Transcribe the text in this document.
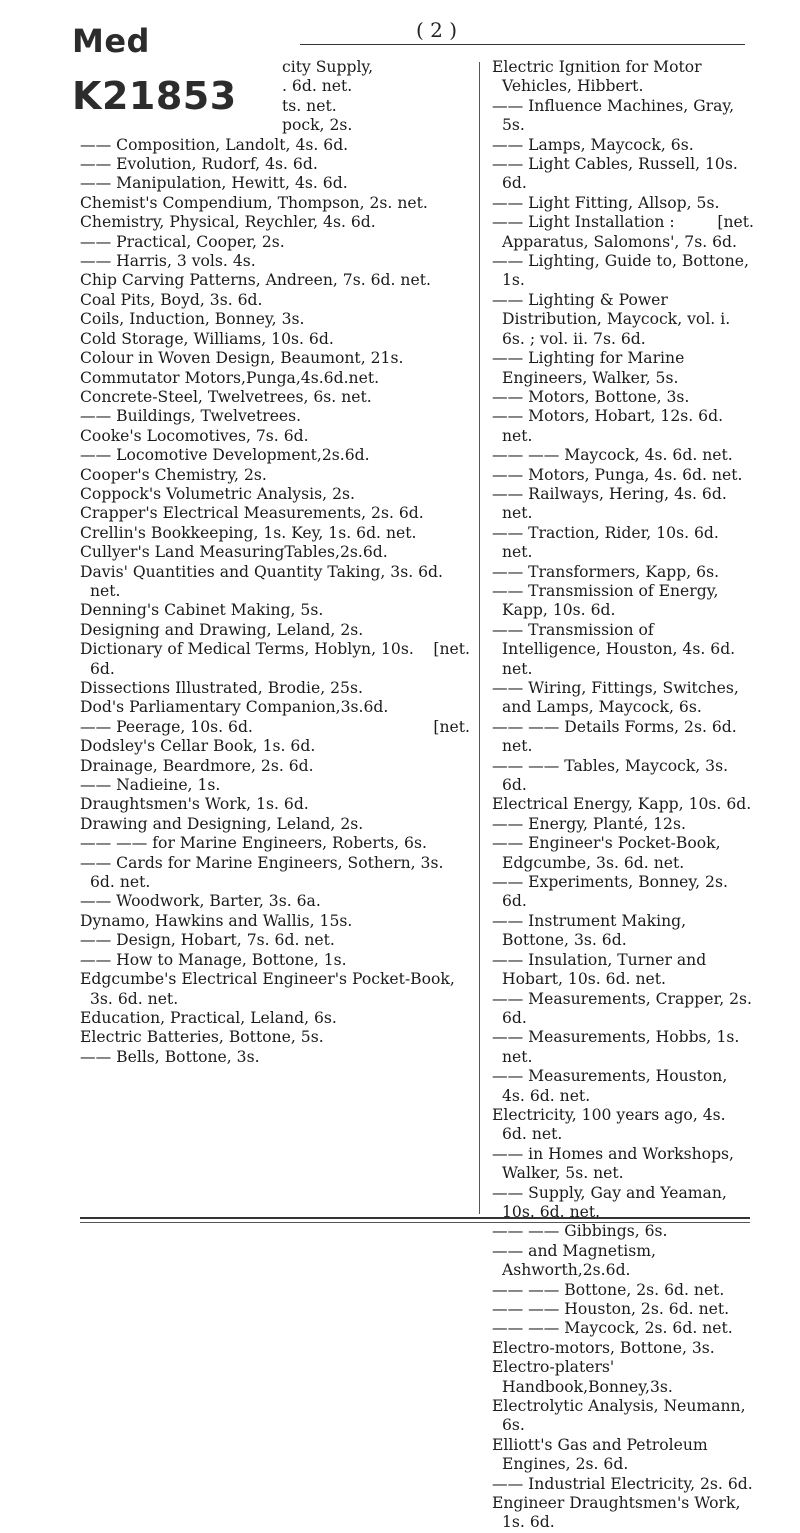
Med
K21853
( 2 )

city Supply,

. 6d. net.

ts. net.

pock, 2s.

—— Composition, Landolt, 4s. 6d.

—— Evolution, Rudorf, 4s. 6d.

—— Manipulation, Hewitt, 4s. 6d.

Chemist's Compendium, Thompson, 2s. net.

Chemistry, Physical, Reychler, 4s. 6d.

—— Practical, Cooper, 2s.

—— Harris, 3 vols. 4s.

Chip Carving Patterns, Andreen, 7s. 6d. net.

Coal Pits, Boyd, 3s. 6d.

Coils, Induction, Bonney, 3s.

Cold Storage, Williams, 10s. 6d.

Colour in Woven Design, Beaumont, 21s.

Commutator Motors,Punga,4s.6d.net.

Concrete-Steel, Twelvetrees, 6s. net.

—— Buildings, Twelvetrees.

Cooke's Locomotives, 7s. 6d.

—— Locomotive Development,2s.6d.

Cooper's Chemistry, 2s.

Coppock's Volumetric Analysis, 2s.

Crapper's Electrical Measurements, 2s. 6d.

Crellin's Bookkeeping, 1s. Key, 1s. 6d. net.

Cullyer's Land MeasuringTables,2s.6d.

Davis' Quantities and Quantity Taking, 3s. 6d. net.

Denning's Cabinet Making, 5s.

Designing and Drawing, Leland, 2s.

[net.
Dictionary of Medical Terms, Hoblyn, 10s. 6d.

Dissections Illustrated, Brodie, 25s.

Dod's Parliamentary Companion,3s.6d.

[net.
—— Peerage, 10s. 6d.

Dodsley's Cellar Book, 1s. 6d.

Drainage, Beardmore, 2s. 6d.

—— Nadieine, 1s.

Draughtsmen's Work, 1s. 6d.

Drawing and Designing, Leland, 2s.

—— —— for Marine Engineers, Roberts, 6s.

—— Cards for Marine Engineers, Sothern, 3s. 6d. net.

—— Woodwork, Barter, 3s. 6a.

Dynamo, Hawkins and Wallis, 15s.

—— Design, Hobart, 7s. 6d. net.

—— How to Manage, Bottone, 1s.

Edgcumbe's Electrical Engineer's Pocket-Book, 3s. 6d. net.

Education, Practical, Leland, 6s.

Electric Batteries, Bottone, 5s.

—— Bells, Bottone, 3s.

Electric Ignition for Motor Vehicles, Hibbert.

—— Influence Machines, Gray, 5s.

—— Lamps, Maycock, 6s.

—— Light Cables, Russell, 10s. 6d.

—— Light Fitting, Allsop, 5s.

[net.
—— Light Installation : Apparatus, Salomons', 7s. 6d.

—— Lighting, Guide to, Bottone, 1s.

—— Lighting & Power Distribution, Maycock, vol. i. 6s. ; vol. ii. 7s. 6d.

—— Lighting for Marine Engineers, Walker, 5s.

—— Motors, Bottone, 3s.

—— Motors, Hobart, 12s. 6d. net.

—— —— Maycock, 4s. 6d. net.

—— Motors, Punga, 4s. 6d. net.

—— Railways, Hering, 4s. 6d. net.

—— Traction, Rider, 10s. 6d. net.

—— Transformers, Kapp, 6s.

—— Transmission of Energy, Kapp, 10s. 6d.

—— Transmission of Intelligence, Houston, 4s. 6d. net.

—— Wiring, Fittings, Switches, and Lamps, Maycock, 6s.

—— —— Details Forms, 2s. 6d. net.

—— —— Tables, Maycock, 3s. 6d.

Electrical Energy, Kapp, 10s. 6d.

—— Energy, Planté, 12s.

—— Engineer's Pocket-Book, Edgcumbe, 3s. 6d. net.

—— Experiments, Bonney, 2s. 6d.

—— Instrument Making, Bottone, 3s. 6d.

—— Insulation, Turner and Hobart, 10s. 6d. net.

—— Measurements, Crapper, 2s. 6d.

—— Measurements, Hobbs, 1s. net.

—— Measurements, Houston, 4s. 6d. net.

Electricity, 100 years ago, 4s. 6d. net.

—— in Homes and Workshops, Walker, 5s. net.

—— Supply, Gay and Yeaman, 10s. 6d. net.

—— —— Gibbings, 6s.

—— and Magnetism, Ashworth,2s.6d.

—— —— Bottone, 2s. 6d. net.

—— —— Houston, 2s. 6d. net.

—— —— Maycock, 2s. 6d. net.

Electro-motors, Bottone, 3s.

Electro-platers' Handbook,Bonney,3s.

Electrolytic Analysis, Neumann, 6s.

Elliott's Gas and Petroleum Engines, 2s. 6d.

—— Industrial Electricity, 2s. 6d.

Engineer Draughtsmen's Work, 1s. 6d.
